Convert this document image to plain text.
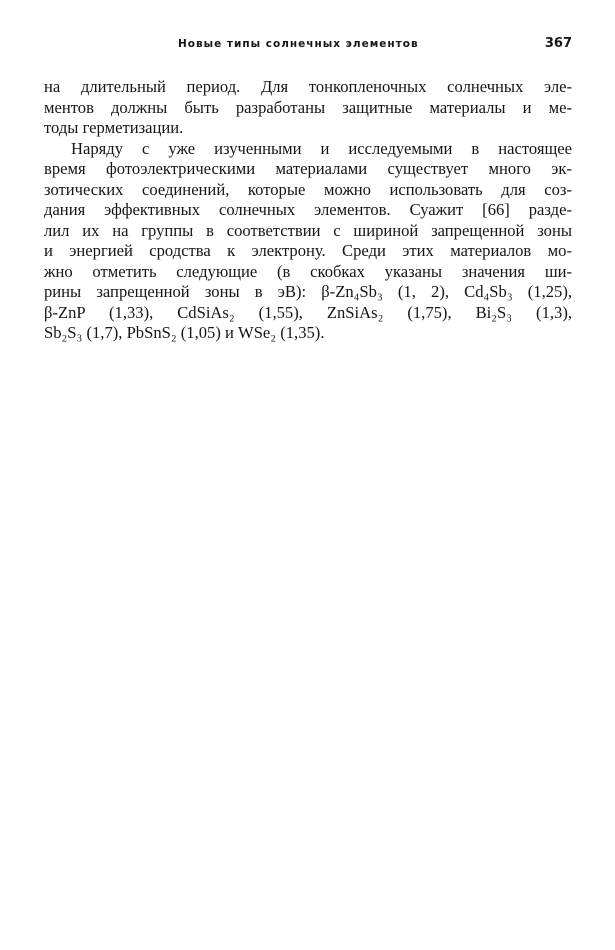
Новые типы солнечных элементов	367
на длительный период. Для тонкопленочных солнечных эле-
ментов должны быть разработаны защитные материалы и ме-
тоды герметизации.
Наряду с уже изученными и исследуемыми в настоящее
время фотоэлектрическими материалами существует много эк-
зотических соединений, которые можно использовать для соз-
дания эффективных солнечных элементов. Суажит [66] разде-
лил их на группы в соответствии с шириной запрещенной зоны
и энергией сродства к электрону. Среди этих материалов мо-
жно отметить следующие (в скобках указаны значения ши-
рины запрещенной зоны в эВ): β-Zn₄Sb₃ (1, 2), Cd₄Sb₃ (1,25),
β-ZnP (1,33), CdSiAs₂ (1,55), ZnSiAs₂ (1,75), Bi₂S₃ (1,3),
Sb₂S₃ (1,7), PbSnS₂ (1,05) и WSe₂ (1,35).
